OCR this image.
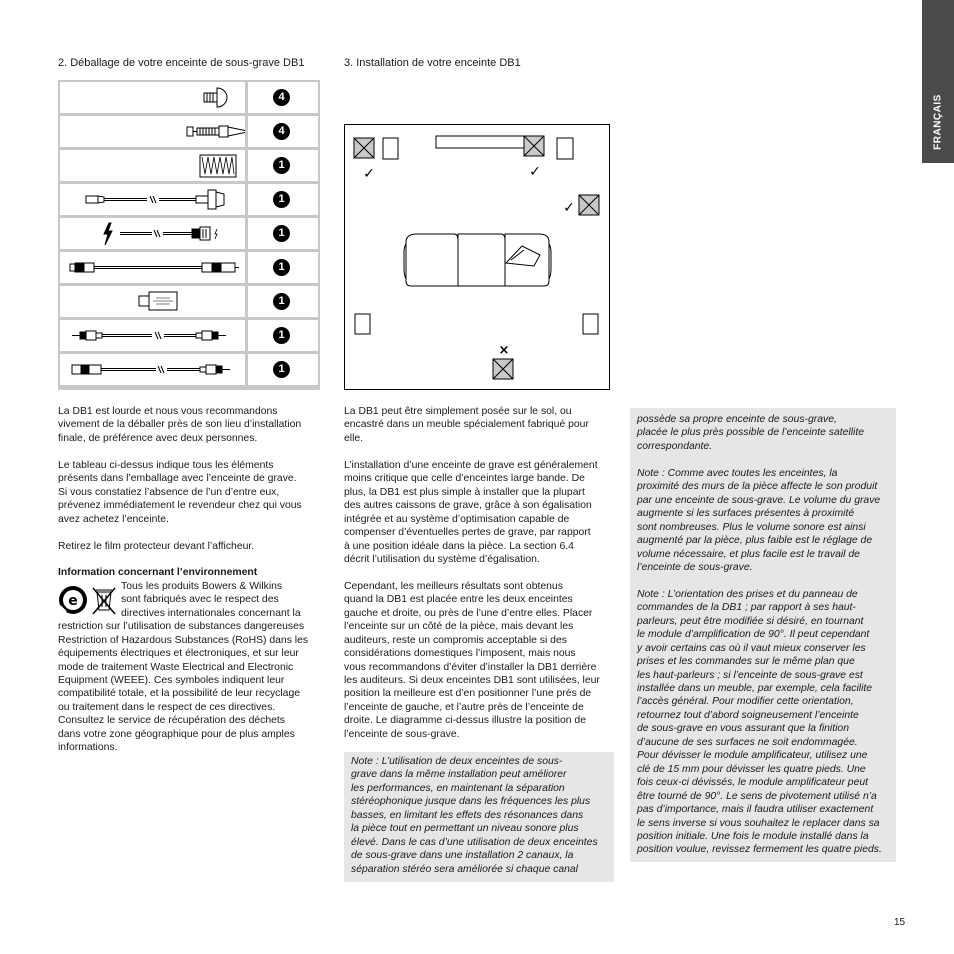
FRANÇAIS
2. Déballage de votre enceinte de sous-grave DB1	3. Installation de votre enceinte DB1
4
4
1
1
1
1
1
1
1
✓	✓
✓
×

La DB1 est lourde et nous vous recommandons

vivement de la déballer près de son lieu d’installation

finale, de préférence avec deux personnes.

Le tableau ci-dessus indique tous les éléments

présents dans l’emballage avec l’enceinte de grave.

Si vous constatiez l’absence de l’un d’entre eux,

prévenez immédiatement le revendeur chez qui vous

avez achetez l’enceinte.

Retirez le film protecteur devant l’afficheur.

Information concernant l’environnement

Tous les produits Bowers & Wilkins

sont fabriqués avec le respect des

directives internationales concernant la

restriction sur l’utilisation de substances dangereuses

Restriction of Hazardous Substances (RoHS) dans les

équipements électriques et électroniques, et sur leur

mode de traitement Waste Electrical and Electronic

Equipment (WEEE). Ces symboles indiquent leur

compatibilité totale, et la possibilité de leur recyclage

ou traitement dans le respect de ces directives.

Consultez le service de récupération des déchets

dans votre zone géographique pour de plus amples

informations.

e

La DB1 peut être simplement posée sur le sol, ou

encastré dans un meuble spécialement fabriqué pour

elle.

L’installation d’une enceinte de grave est généralement

moins critique que celle d’enceintes large bande. De

plus, la DB1 est plus simple à installer que la plupart

des autres caissons de grave, grâce à son égalisation

intégrée et au système d’optimisation capable de

compenser d’éventuelles pertes de grave, par rapport

à une position idéale dans la pièce. La section 6.4

décrit l’utilisation du système d’égalisation.

Cependant, les meilleurs résultats sont obtenus

quand la DB1 est placée entre les deux enceintes

gauche et droite, ou près de l’une d’entre elles. Placer

l’enceinte sur un côté de la pièce, mais devant les

auditeurs, reste un compromis acceptable si des

considérations domestiques l’imposent, mais nous

vous recommandons d’éviter d’installer la DB1 derrière

les auditeurs. Si deux enceintes DB1 sont utilisées, leur

position la meilleure est d’en positionner l’une près de

l’enceinte de gauche, et l’autre près de l’enceinte de

droite. Le diagramme ci-dessus illustre la position de

l’enceinte de sous-grave.

Note : L’utilisation de deux enceintes de sous-

grave dans la même installation peut améliorer

les performances, en maintenant la séparation

stéréophonique jusque dans les fréquences les plus

basses, en limitant les effets des résonances dans

la pièce tout en permettant un niveau sonore plus

élevé. Dans le cas d’une utilisation de deux enceintes

de sous-grave dans une installation 2 canaux, la

séparation stéréo sera améliorée si chaque canal

possède sa propre enceinte de sous-grave,

placée le plus près possible de l’enceinte satellite

correspondante.

Note : Comme avec toutes les enceintes, la

proximité des murs de la pièce affecte le son produit

par une enceinte de sous-grave. Le volume du grave

augmente si les surfaces présentes à proximité

sont nombreuses. Plus le volume sonore est ainsi

augmenté par la pièce, plus faible est le réglage de

volume nécessaire, et plus facile est le travail de

l’enceinte de sous-grave.

Note : L’orientation des prises et du panneau de

commandes de la DB1 ; par rapport à ses haut-

parleurs, peut être modifiée si désiré, en tournant

le module d’amplification de 90°. Il peut cependant

y avoir certains cas où il vaut mieux conserver les

prises et les commandes sur le même plan que

les haut-parleurs ; si l’enceinte de sous-grave est

installée dans un meuble, par exemple, cela facilite

l’accès général. Pour modifier cette orientation,

retournez tout d’abord soigneusement l’enceinte

de sous-grave en vous assurant que la finition

d’aucune de ses surfaces ne soit endommagée.

Pour dévisser le module amplificateur, utilisez une

clé de 15 mm pour dévisser les quatre pieds. Une

fois ceux-ci dévissés, le module amplificateur peut

être tourné de 90°. Le sens de pivotement utilisé n’a

pas d’importance, mais il faudra utiliser exactement

le sens inverse si vous souhaitez le replacer dans sa

position initiale. Une fois le module installé dans la

position voulue, revissez fermement les quatre pieds.

15
